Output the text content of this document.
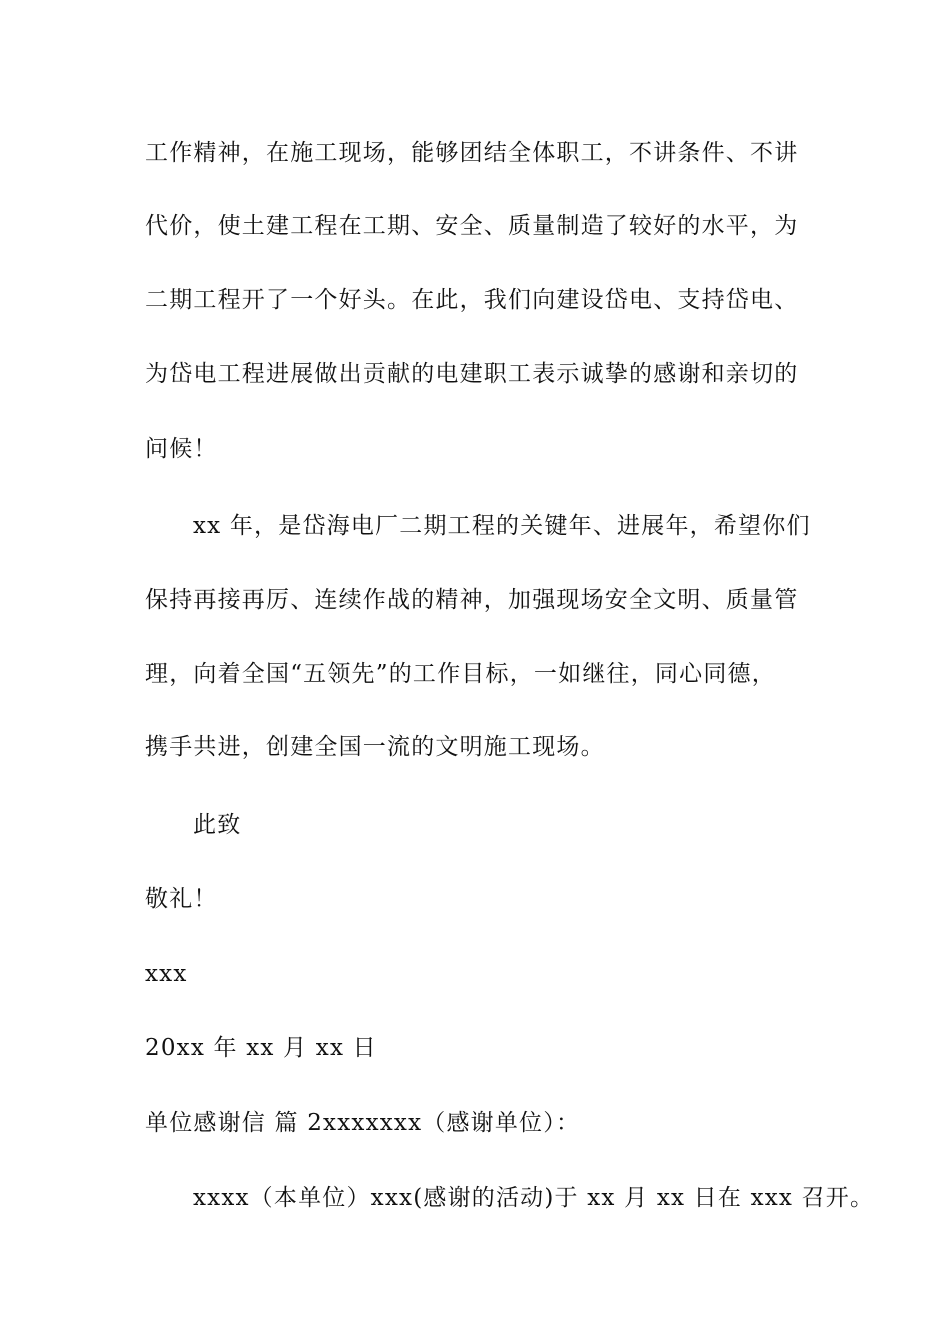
工作精神，在施工现场，能够团结全体职工，不讲条件、不讲
代价，使土建工程在工期、安全、质量制造了较好的水平，为
二期工程开了一个好头。在此，我们向建设岱电、支持岱电、
为岱电工程进展做出贡献的电建职工表示诚挚的感谢和亲切的
问候！
xx 年，是岱海电厂二期工程的关键年、进展年，希望你们
保持再接再厉、连续作战的精神，加强现场安全文明、质量管
理，向着全国“五领先”的工作目标，一如继往，同心同德，
携手共进，创建全国一流的文明施工现场。
此致
敬礼！
xxx
20xx 年 xx 月 xx 日
单位感谢信 篇 2xxxxxxx（感谢单位）：
xxxx（本单位）xxx(感谢的活动)于 xx 月 xx 日在 xxx 召开。
